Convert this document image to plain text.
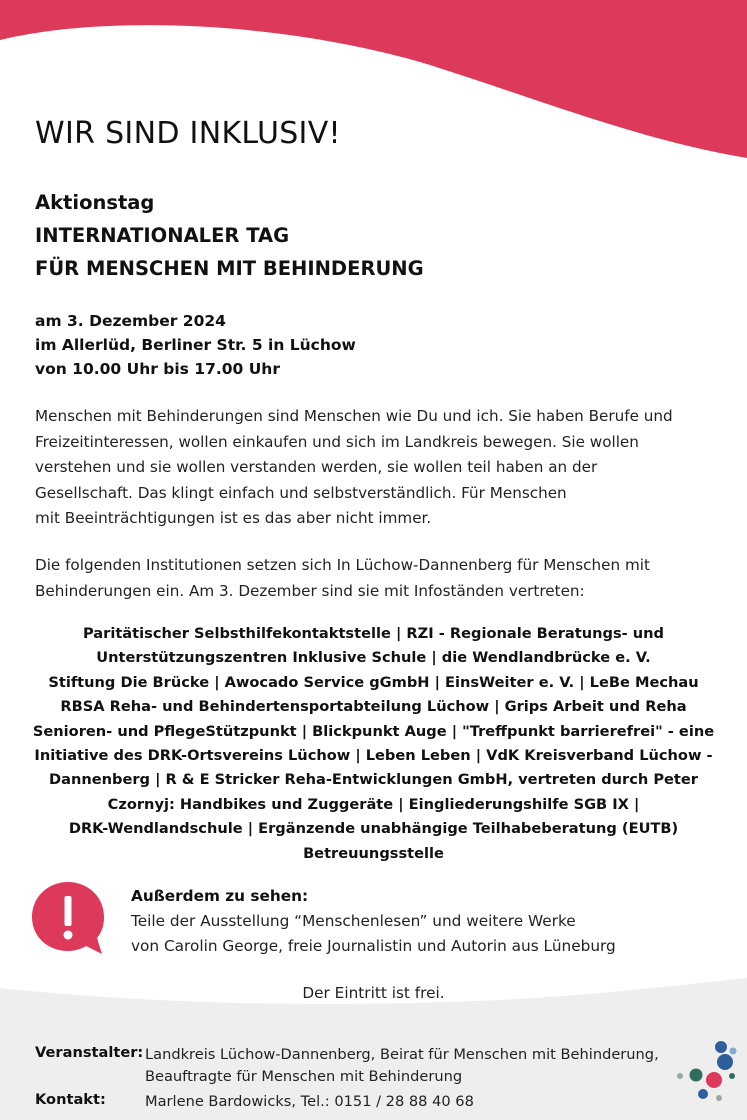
WIR SIND INKLUSIV!
Aktionstag
INTERNATIONALER TAG
FÜR MENSCHEN MIT BEHINDERUNG
am 3. Dezember 2024
im Allerlüd, Berliner Str. 5 in Lüchow
von 10.00 Uhr bis 17.00 Uhr

Menschen mit Behinderungen sind Menschen wie Du und ich. Sie haben Berufe und
Freizeitinteressen, wollen einkaufen und sich im Landkreis bewegen. Sie wollen
verstehen und sie wollen verstanden werden, sie wollen teil haben an der
Gesellschaft. Das klingt einfach und selbstverständlich. Für Menschen
mit Beeinträchtigungen ist es das aber nicht immer.

Die folgenden Institutionen setzen sich In Lüchow-Dannenberg für Menschen mit
Behinderungen ein. Am 3. Dezember sind sie mit Infoständen vertreten:

Paritätischer Selbsthilfekontaktstelle | RZI - Regionale Beratungs- und
Unterstützungszentren Inklusive Schule | die Wendlandbrücke e. V.
Stiftung Die Brücke | Awocado Service gGmbH | EinsWeiter e. V. | LeBe Mechau
RBSA Reha- und Behindertensportabteilung Lüchow | Grips Arbeit und Reha
Senioren- und PflegeStützpunkt | Blickpunkt Auge | "Treffpunkt barrierefrei" - eine
Initiative des DRK-Ortsvereins Lüchow | Leben Leben | VdK Kreisverband Lüchow -
Dannenberg | R & E Stricker Reha-Entwicklungen GmbH, vertreten durch Peter
Czornyj: Handbikes und Zuggeräte | Eingliederungshilfe SGB IX |
DRK-Wendlandschule | Ergänzende unabhängige Teilhabeberatung (EUTB)
Betreuungsstelle
Außerdem zu sehen:
Teile der Ausstellung “Menschenlesen” und weitere Werke
von Carolin George, freie Journalistin und Autorin aus Lüneburg
Der Eintritt ist frei.
Veranstalter: Landkreis Lüchow-Dannenberg, Beirat für Menschen mit Behinderung,
Beauftragte für Menschen mit Behinderung
Kontakt:	Marlene Bardowicks, Tel.: 0151 / 28 88 40 68
